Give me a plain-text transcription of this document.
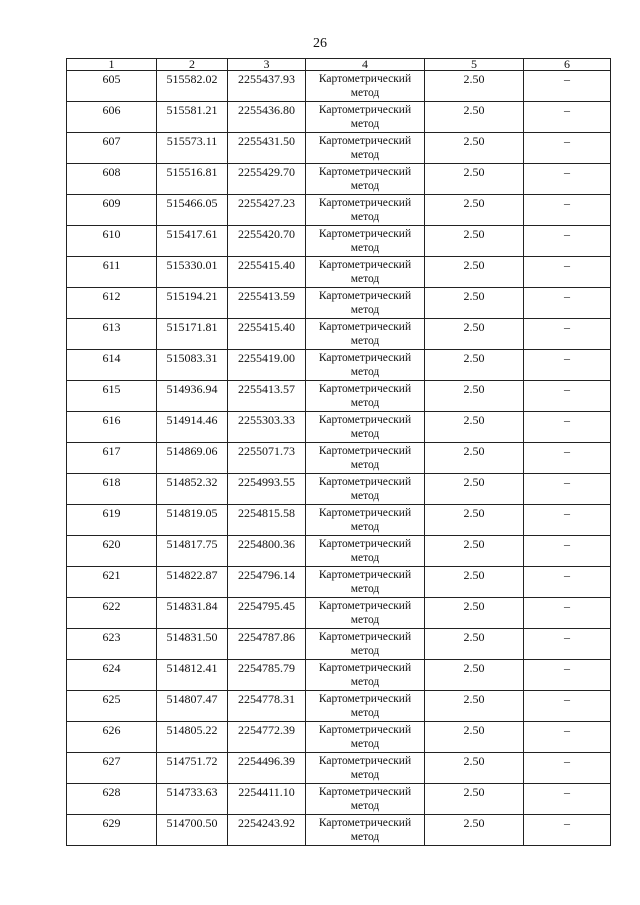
26
1	2	3	4	5	6
605	515582.02	2255437.93	Картометрический метод	2.50	–
606	515581.21	2255436.80	Картометрический метод	2.50	–
607	515573.11	2255431.50	Картометрический метод	2.50	–
608	515516.81	2255429.70	Картометрический метод	2.50	–
609	515466.05	2255427.23	Картометрический метод	2.50	–
610	515417.61	2255420.70	Картометрический метод	2.50	–
611	515330.01	2255415.40	Картометрический метод	2.50	–
612	515194.21	2255413.59	Картометрический метод	2.50	–
613	515171.81	2255415.40	Картометрический метод	2.50	–
614	515083.31	2255419.00	Картометрический метод	2.50	–
615	514936.94	2255413.57	Картометрический метод	2.50	–
616	514914.46	2255303.33	Картометрический метод	2.50	–
617	514869.06	2255071.73	Картометрический метод	2.50	–
618	514852.32	2254993.55	Картометрический метод	2.50	–
619	514819.05	2254815.58	Картометрический метод	2.50	–
620	514817.75	2254800.36	Картометрический метод	2.50	–
621	514822.87	2254796.14	Картометрический метод	2.50	–
622	514831.84	2254795.45	Картометрический метод	2.50	–
623	514831.50	2254787.86	Картометрический метод	2.50	–
624	514812.41	2254785.79	Картометрический метод	2.50	–
625	514807.47	2254778.31	Картометрический метод	2.50	–
626	514805.22	2254772.39	Картометрический метод	2.50	–
627	514751.72	2254496.39	Картометрический метод	2.50	–
628	514733.63	2254411.10	Картометрический метод	2.50	–
629	514700.50	2254243.92	Картометрический метод	2.50	–
